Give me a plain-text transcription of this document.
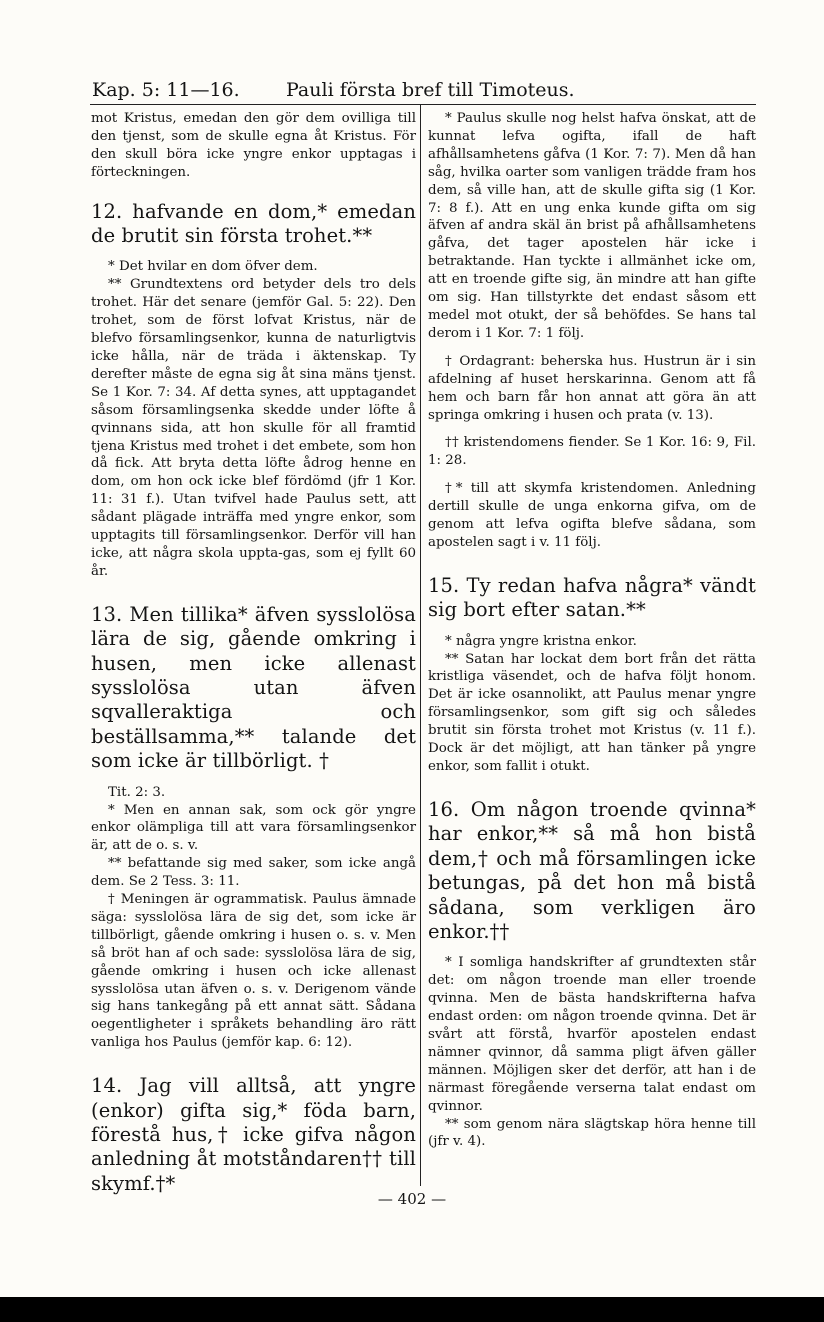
Kap. 5: 11—16. Pauli första bref till Timoteus.

mot Kristus, emedan den gör dem ovilliga till den tjenst, som de skulle egna åt Kristus. För den skull böra icke yngre enkor upptagas i förteckningen.

12. hafvande en dom,* emedan de brutit sin första trohet.**

* Det hvilar en dom öfver dem.

** Grundtextens ord betyder dels tro dels trohet. Här det senare (jemför Gal. 5: 22). Den trohet, som de först lofvat Kristus, när de blefvo församlingsenkor, kunna de naturligtvis icke hålla, när de träda i äktenskap. Ty derefter måste de egna sig åt sina mäns tjenst. Se 1 Kor. 7: 34. Af detta synes, att upptagandet såsom församlingsenka skedde under löfte å qvinnans sida, att hon skulle för all framtid tjena Kristus med trohet i det embete, som hon då fick. Att bryta detta löfte ådrog henne en dom, om hon ock icke blef fördömd (jfr 1 Kor. 11: 31 f.). Utan tvifvel hade Paulus sett, att sådant plägade inträffa med yngre enkor, som upptagits till församlingsenkor. Derför vill han icke, att några skola uppta-gas, som ej fyllt 60 år.

13. Men tillika* äfven sysslolösa lära de sig, gående omkring i husen, men icke allenast sysslolösa utan äfven sqvalleraktiga och beställsamma,** talande det som icke är tillbörligt. †

Tit. 2: 3.

* Men en annan sak, som ock gör yngre enkor olämpliga till att vara församlingsenkor är, att de o. s. v.

** befattande sig med saker, som icke angå dem. Se 2 Tess. 3: 11.

† Meningen är ogrammatisk. Paulus ämnade säga: sysslolösa lära de sig det, som icke är tillbörligt, gående omkring i husen o. s. v. Men så bröt han af och sade: sysslolösa lära de sig, gående omkring i husen och icke allenast sysslolösa utan äfven o. s. v. Derigenom vände sig hans tankegång på ett annat sätt. Sådana oegentligheter i språkets behandling äro rätt vanliga hos Paulus (jemför kap. 6: 12).

14. Jag vill alltså, att yngre (enkor) gifta sig,* föda barn, förestå hus,† icke gifva någon anledning åt motståndaren†† till skymf.†*

* Paulus skulle nog helst hafva önskat, att de kunnat lefva ogifta, ifall de haft afhållsamhetens gåfva (1 Kor. 7: 7). Men då han såg, hvilka oarter som vanligen trädde fram hos dem, så ville han, att de skulle gifta sig (1 Kor. 7: 8 f.). Att en ung enka kunde gifta om sig äfven af andra skäl än brist på afhållsamhetens gåfva, det tager apostelen här icke i betraktande. Han tyckte i allmänhet icke om, att en troende gifte sig, än mindre att han gifte om sig. Han tillstyrkte det endast såsom ett medel mot otukt, der så behöfdes. Se hans tal derom i 1 Kor. 7: 1 följ.

† Ordagrant: beherska hus. Hustrun är i sin afdelning af huset herskarinna. Genom att få hem och barn får hon annat att göra än att springa omkring i husen och prata (v. 13).

†† kristendomens fiender. Se 1 Kor. 16: 9, Fil. 1: 28.

†* till att skymfa kristendomen. Anledning dertill skulle de unga enkorna gifva, om de genom att lefva ogifta blefve sådana, som apostelen sagt i v. 11 följ.

15. Ty redan hafva några* vändt sig bort efter satan.**

* några yngre kristna enkor.

** Satan har lockat dem bort från det rätta kristliga väsendet, och de hafva följt honom. Det är icke osannolikt, att Paulus menar yngre församlingsenkor, som gift sig och således brutit sin första trohet mot Kristus (v. 11 f.). Dock är det möjligt, att han tänker på yngre enkor, som fallit i otukt.

16. Om någon troende qvinna* har enkor,** så må hon bistå dem,† och må församlingen icke betungas, på det hon må bistå sådana, som verkligen äro enkor.††

* I somliga handskrifter af grundtexten står det: om någon troende man eller troende qvinna. Men de bästa handskrifterna hafva endast orden: om någon troende qvinna. Det är svårt att förstå, hvarför apostelen endast nämner qvinnor, då samma pligt äfven gäller männen. Möjligen sker det derför, att han i de närmast föregående verserna talat endast om qvinnor.

** som genom nära slägtskap höra henne till (jfr v. 4).

— 402 —
